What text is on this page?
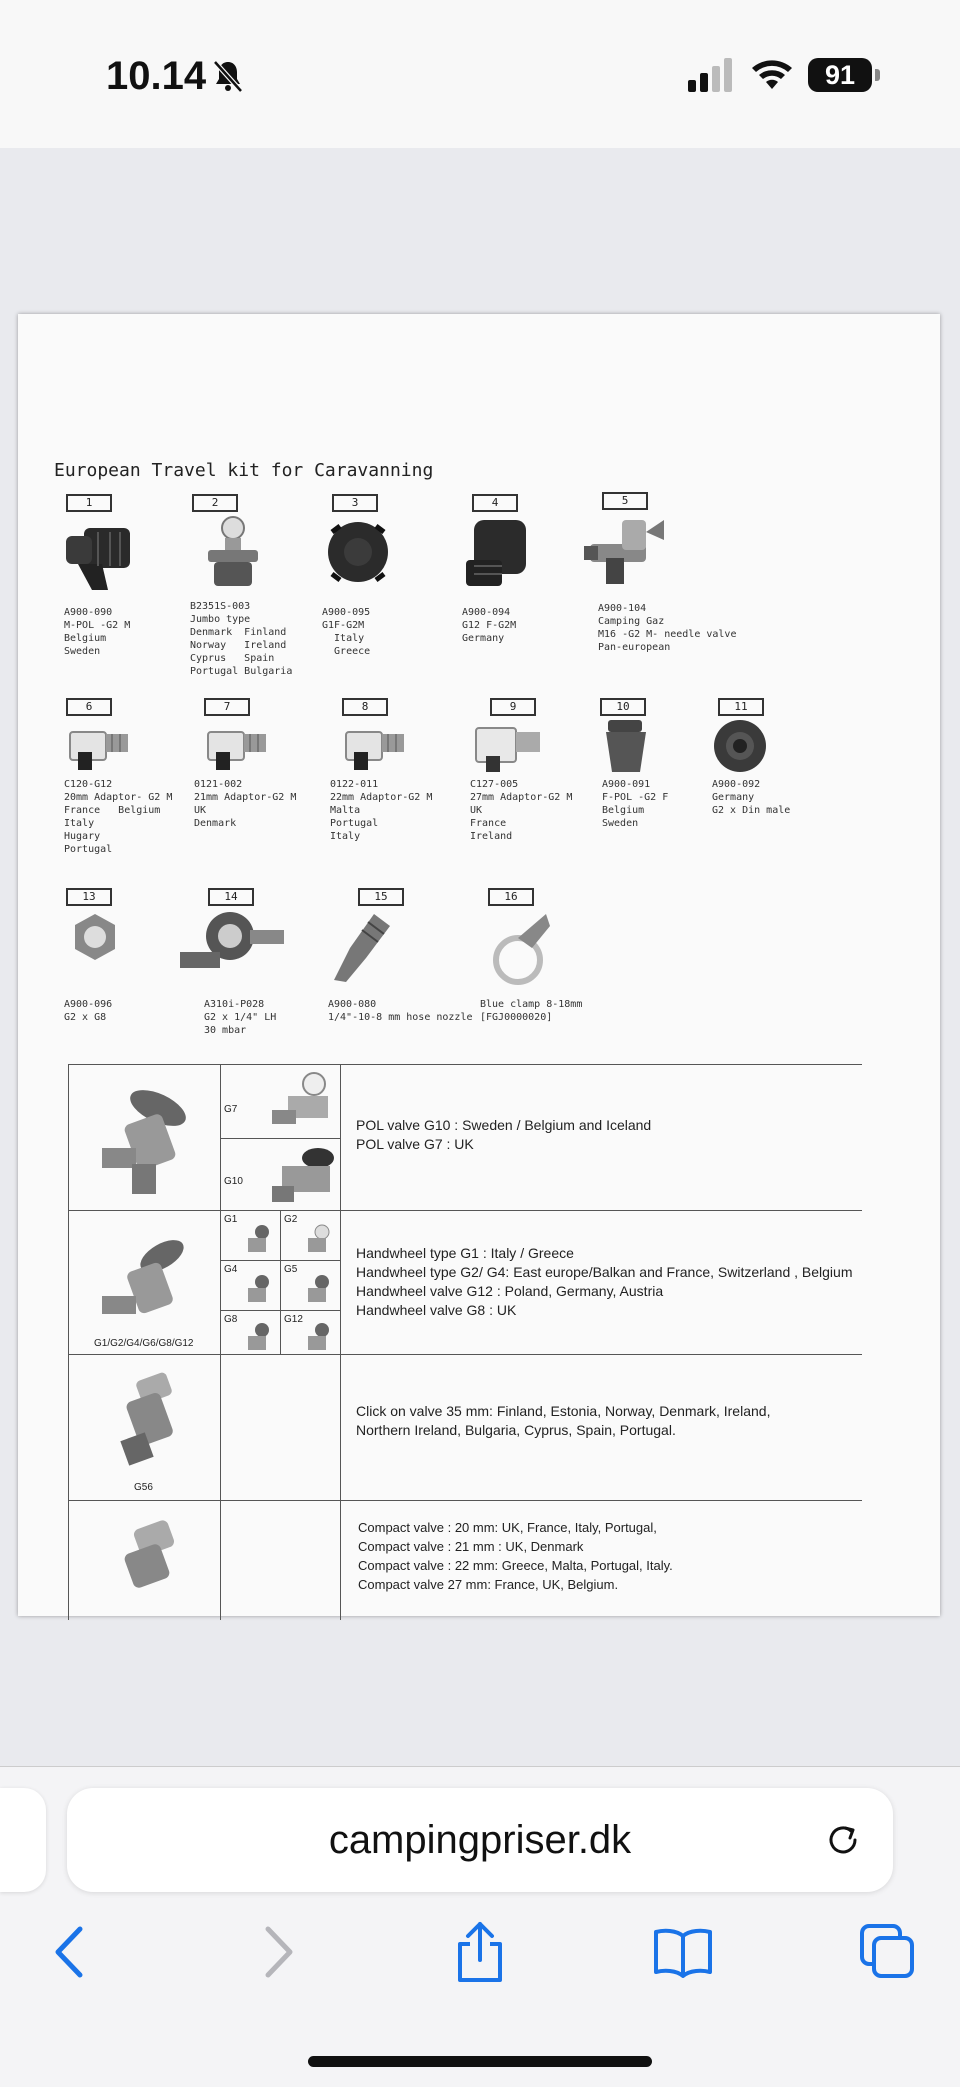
10.14	91
European Travel kit for Caravanning
1
A900-090
M-POL -G2 M
Belgium
Sweden
2
B2351S-003
Jumbo type
Denmark  Finland
Norway   Ireland
Cyprus   Spain
Portugal Bulgaria
3
A900-095
G1F-G2M
Italy
Greece
4
A900-094
G12 F-G2M
Germany
5
A900-104
Camping Gaz
M16 -G2 M- needle valve
Pan-european
6
C120-G12
20mm Adaptor- G2 M
France   Belgium
Italy
Hugary
Portugal
7
0121-002
21mm Adaptor-G2 M
UK
Denmark
8
0122-011
22mm Adaptor-G2 M
Malta
Portugal
Italy
9
C127-005
27mm Adaptor-G2 M
UK
France
Ireland
10
A900-091
F-POL -G2 F
Belgium
Sweden
11
A900-092
Germany
G2 x Din male
13
A900-096
G2 x G8
14
A310i-P028
G2 x 1/4" LH
30 mbar
15
A900-080
1/4"-10-8 mm hose nozzle
16
Blue clamp 8-18mm
[FGJ0000020]
G7
G10
POL valve G10 : Sweden / Belgium and Iceland
POL valve G7 : UK
G1/G2/G4/G6/G8/G12
G1	G2
G4	G5
G8	G12
Handwheel type G1 : Italy / Greece
Handwheel type G2/ G4: East europe/Balkan and France, Switzerland , Belgium
Handwheel valve G12 : Poland, Germany, Austria
Handwheel valve G8 : UK
G56
Click on valve 35 mm: Finland, Estonia, Norway, Denmark, Ireland,
Northern Ireland, Bulgaria, Cyprus, Spain, Portugal.
Compact valve : 20 mm: UK, France, Italy, Portugal,
Compact valve : 21 mm : UK, Denmark
Compact valve : 22 mm: Greece, Malta, Portugal, Italy.
Compact valve 27 mm: France, UK, Belgium.
campingpriser.dk
